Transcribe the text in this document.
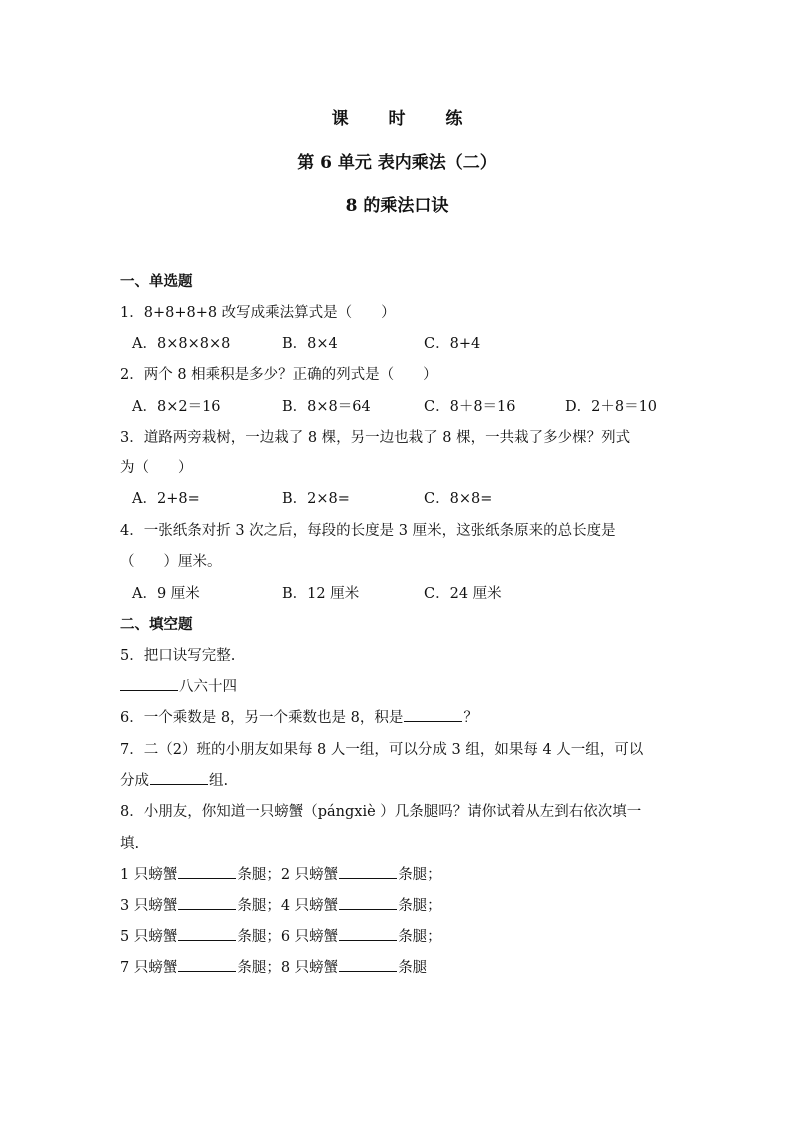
课 时 练
第 6 单元 表内乘法（二）
8 的乘法口诀
一、单选题
1．8+8+8+8 改写成乘法算式是（　　）
A．8×8×8×8	B．8×4	C．8+4
2．两个 8 相乘积是多少？正确的列式是（　　）
A．8×2＝16	B．8×8＝64	C．8＋8＝16	D．2＋8＝10
3．道路两旁栽树，一边栽了 8 棵，另一边也栽了 8 棵，一共栽了多少棵？列式
为（　　）
A．2+8=	B．2×8=	C．8×8=
4．一张纸条对折 3 次之后，每段的长度是 3 厘米，这张纸条原来的总长度是
（　　）厘米。
A．9 厘米	B．12 厘米	C．24 厘米
二、填空题
5．把口诀写完整.
八六十四
6．一个乘数是 8，另一个乘数也是 8，积是	？
7．二（2）班的小朋友如果每 8 人一组，可以分成 3 组，如果每 4 人一组，可以
分成	组.
8．小朋友，你知道一只螃蟹（pángxiè ）几条腿吗？请你试着从左到右依次填一
填.
1 只螃蟹	条腿；2 只螃蟹	条腿；
3 只螃蟹	条腿；4 只螃蟹	条腿；
5 只螃蟹	条腿；6 只螃蟹	条腿；
7 只螃蟹	条腿；8 只螃蟹	条腿
